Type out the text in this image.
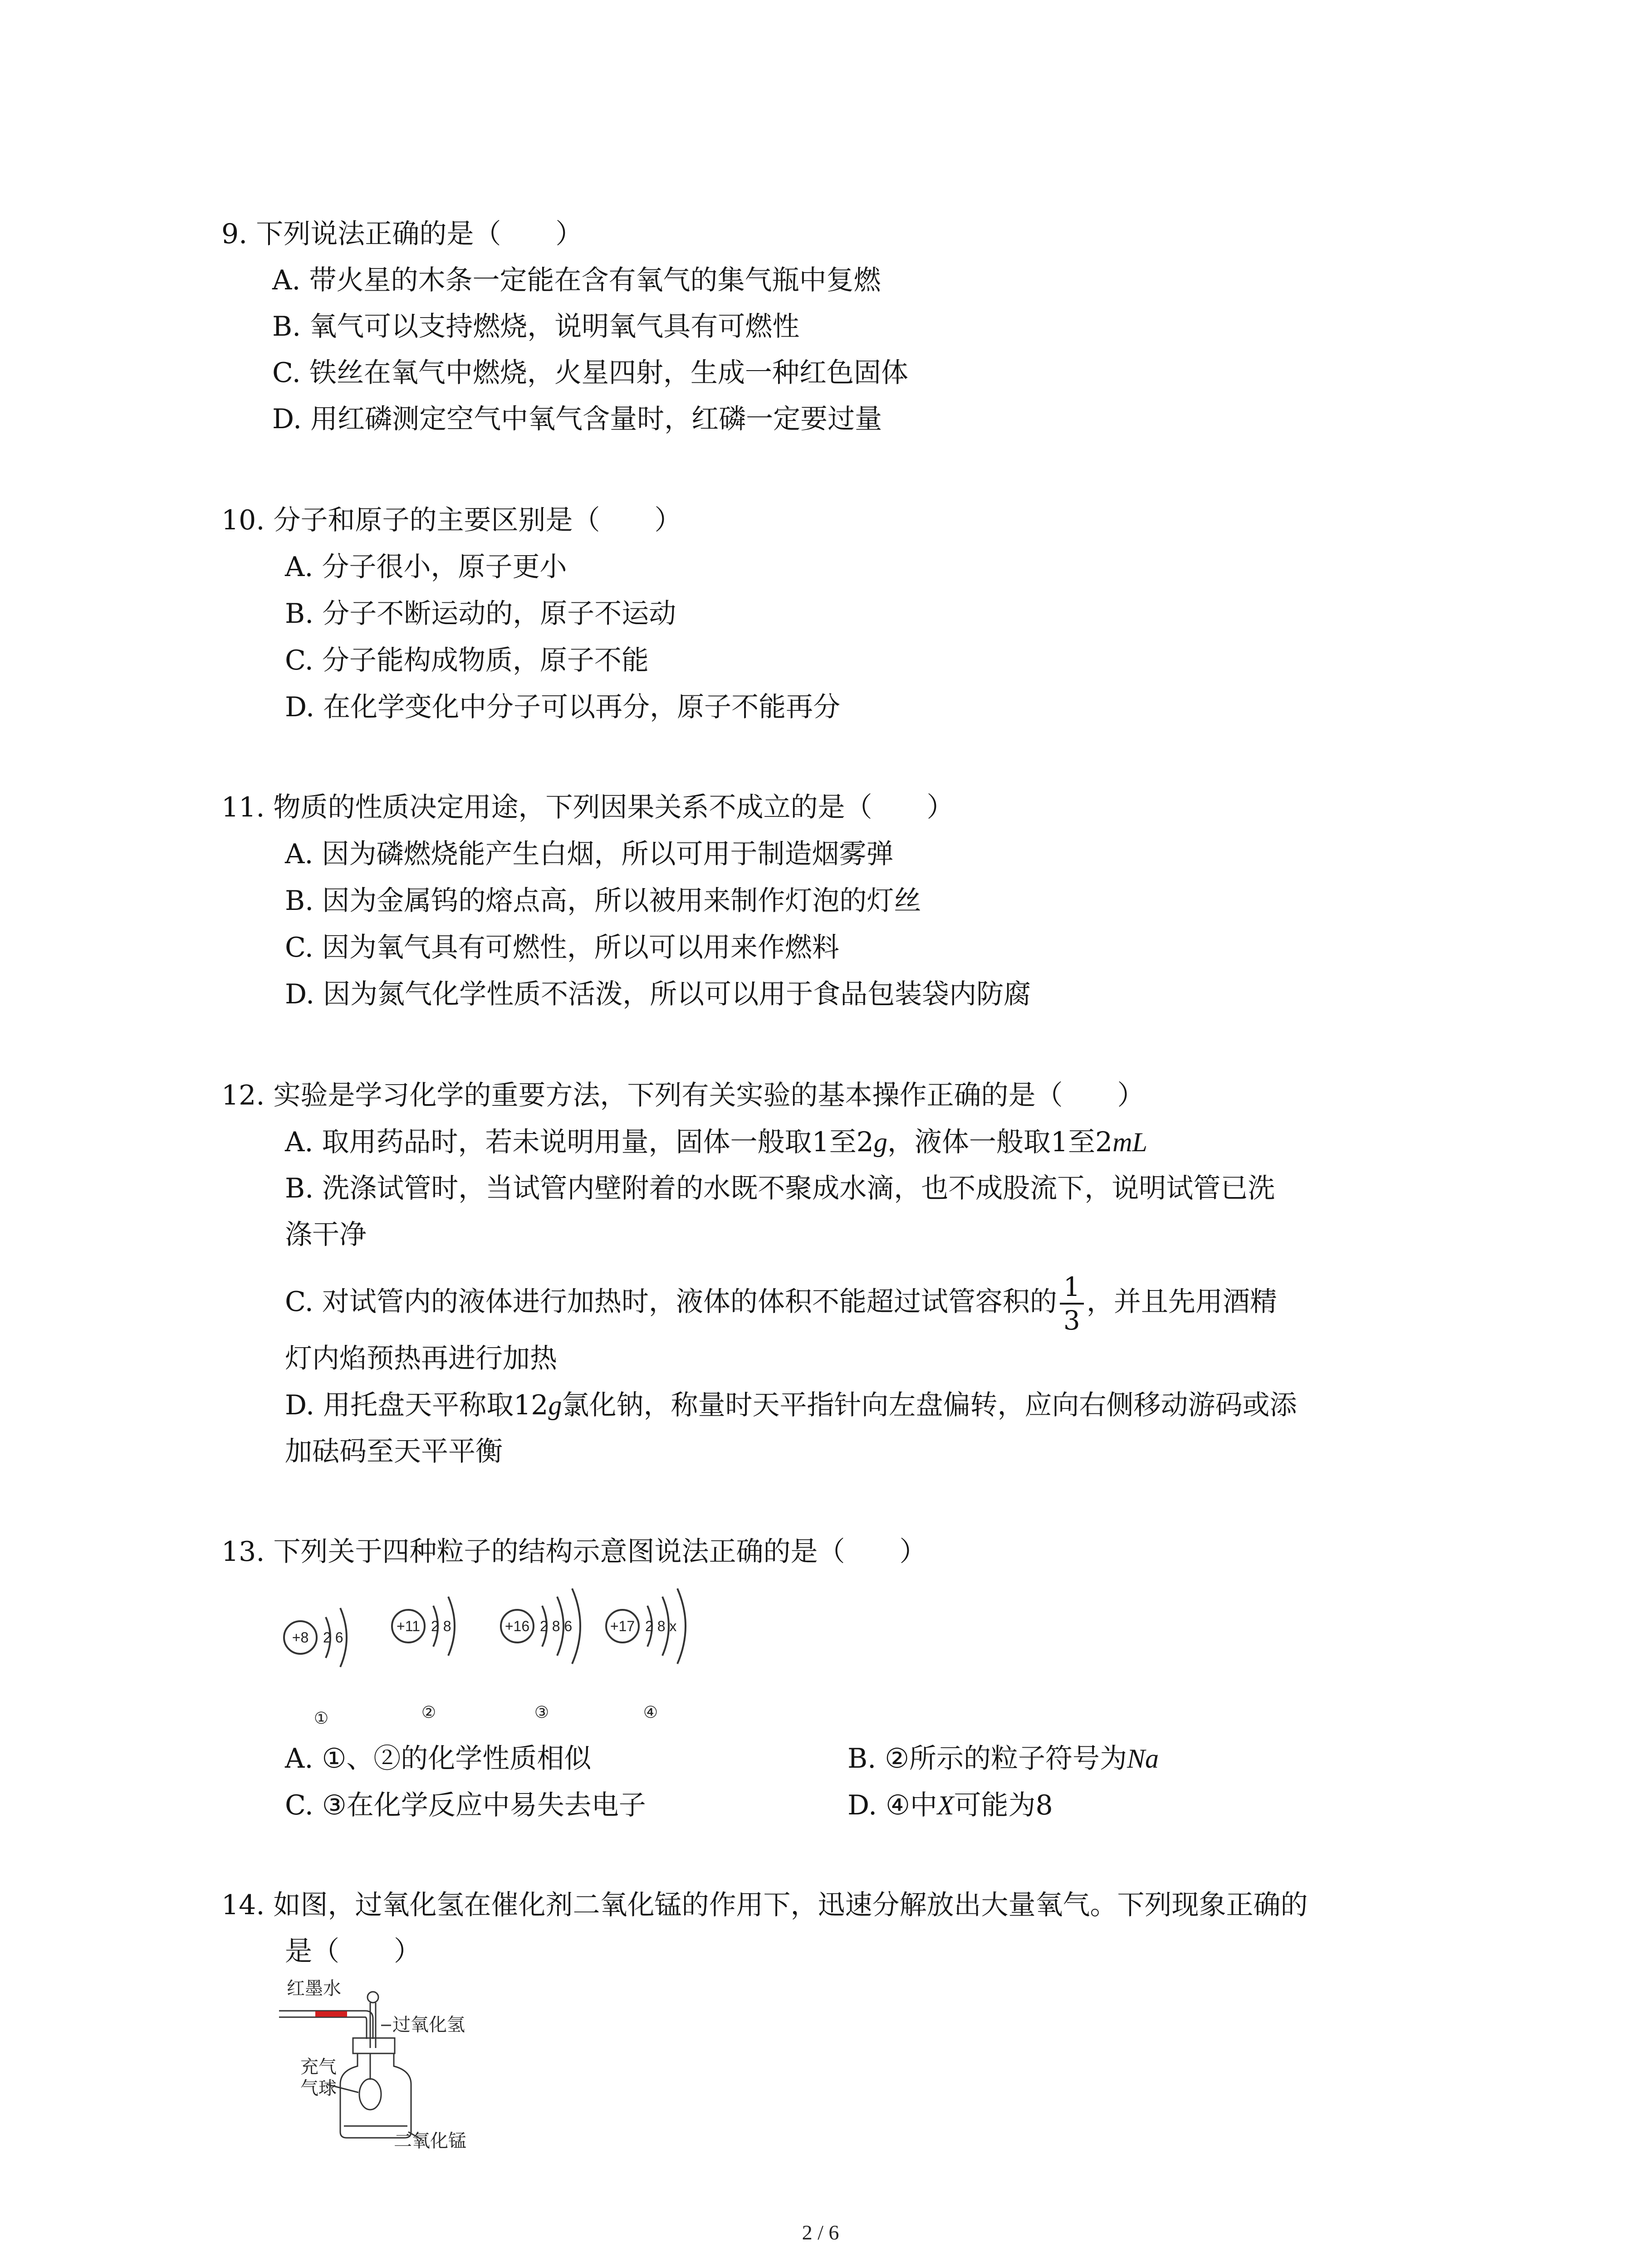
9. 下列说法正确的是（　　）
A. 带火星的木条一定能在含有氧气的集气瓶中复燃
B. 氧气可以支持燃烧，说明氧气具有可燃性
C. 铁丝在氧气中燃烧，火星四射，生成一种红色固体
D. 用红磷测定空气中氧气含量时，红磷一定要过量
10. 分子和原子的主要区别是（　　）
A. 分子很小，原子更小
B. 分子不断运动的，原子不运动
C. 分子能构成物质，原子不能
D. 在化学变化中分子可以再分，原子不能再分
11. 物质的性质决定用途，下列因果关系不成立的是（　　）
A. 因为磷燃烧能产生白烟，所以可用于制造烟雾弹
B. 因为金属钨的熔点高，所以被用来制作灯泡的灯丝
C. 因为氧气具有可燃性，所以可以用来作燃料
D. 因为氮气化学性质不活泼，所以可以用于食品包装袋内防腐
12. 实验是学习化学的重要方法，下列有关实验的基本操作正确的是（　　）
A. 取用药品时，若未说明用量，固体一般取1至2g，液体一般取1至2mL
B. 洗涤试管时，当试管内壁附着的水既不聚成水滴，也不成股流下，说明试管已洗
涤干净
C. 对试管内的液体进行加热时，液体的体积不能超过试管容积的 $\frac{1}{3}$ ，并且先用酒精
灯内焰预热再进行加热
D. 用托盘天平称取12g氯化钠，称量时天平指针向左盘偏转，应向右侧移动游码或添
加砝码至天平平衡
13. 下列关于四种粒子的结构示意图说法正确的是（　　）
+8 2 6
+11 2 8	+16 2 8 6	+17 2 8 x
①	②	③	④
A. ①、②的化学性质相似	B. ②所示的粒子符号为Na
C. ③在化学反应中易失去电子	D. ④中X可能为8
14. 如图，过氧化氢在催化剂二氧化锰的作用下，迅速分解放出大量氧气。下列现象正确的
是（　　）
红墨水
过氧化氢
充气
气球
二氧化锰
2 / 6
